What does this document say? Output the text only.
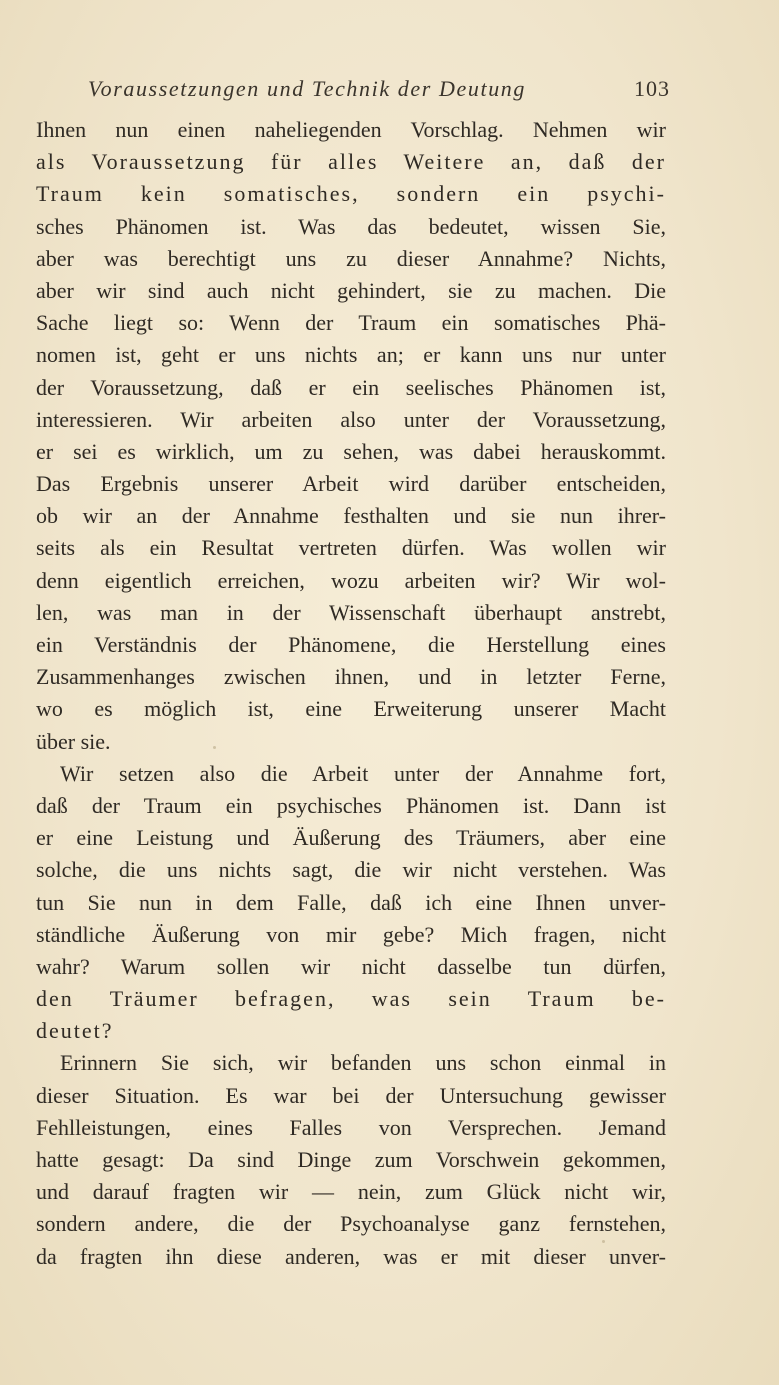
Voraussetzungen und Technik der Deutung	103
Ihnen nun einen naheliegenden Vorschlag. Nehmen wir
als Voraussetzung für alles Weitere an, daß der
Traum kein somatisches, sondern ein psychi-
sches Phänomen ist. Was das bedeutet, wissen Sie,
aber was berechtigt uns zu dieser Annahme? Nichts,
aber wir sind auch nicht gehindert, sie zu machen. Die
Sache liegt so: Wenn der Traum ein somatisches Phä-
nomen ist, geht er uns nichts an; er kann uns nur unter
der Voraussetzung, daß er ein seelisches Phänomen ist,
interessieren. Wir arbeiten also unter der Voraussetzung,
er sei es wirklich, um zu sehen, was dabei herauskommt.
Das Ergebnis unserer Arbeit wird darüber entscheiden,
ob wir an der Annahme festhalten und sie nun ihrer-
seits als ein Resultat vertreten dürfen. Was wollen wir
denn eigentlich erreichen, wozu arbeiten wir? Wir wol-
len, was man in der Wissenschaft überhaupt anstrebt,
ein Verständnis der Phänomene, die Herstellung eines
Zusammenhanges zwischen ihnen, und in letzter Ferne,
wo es möglich ist, eine Erweiterung unserer Macht
über sie.
Wir setzen also die Arbeit unter der Annahme fort,
daß der Traum ein psychisches Phänomen ist. Dann ist
er eine Leistung und Äußerung des Träumers, aber eine
solche, die uns nichts sagt, die wir nicht verstehen. Was
tun Sie nun in dem Falle, daß ich eine Ihnen unver-
ständliche Äußerung von mir gebe? Mich fragen, nicht
wahr? Warum sollen wir nicht dasselbe tun dürfen,
den Träumer befragen, was sein Traum be-
deutet?
Erinnern Sie sich, wir befanden uns schon einmal in
dieser Situation. Es war bei der Untersuchung gewisser
Fehlleistungen, eines Falles von Versprechen. Jemand
hatte gesagt: Da sind Dinge zum Vorschwein gekommen,
und darauf fragten wir — nein, zum Glück nicht wir,
sondern andere, die der Psychoanalyse ganz fernstehen,
da fragten ihn diese anderen, was er mit dieser unver-
